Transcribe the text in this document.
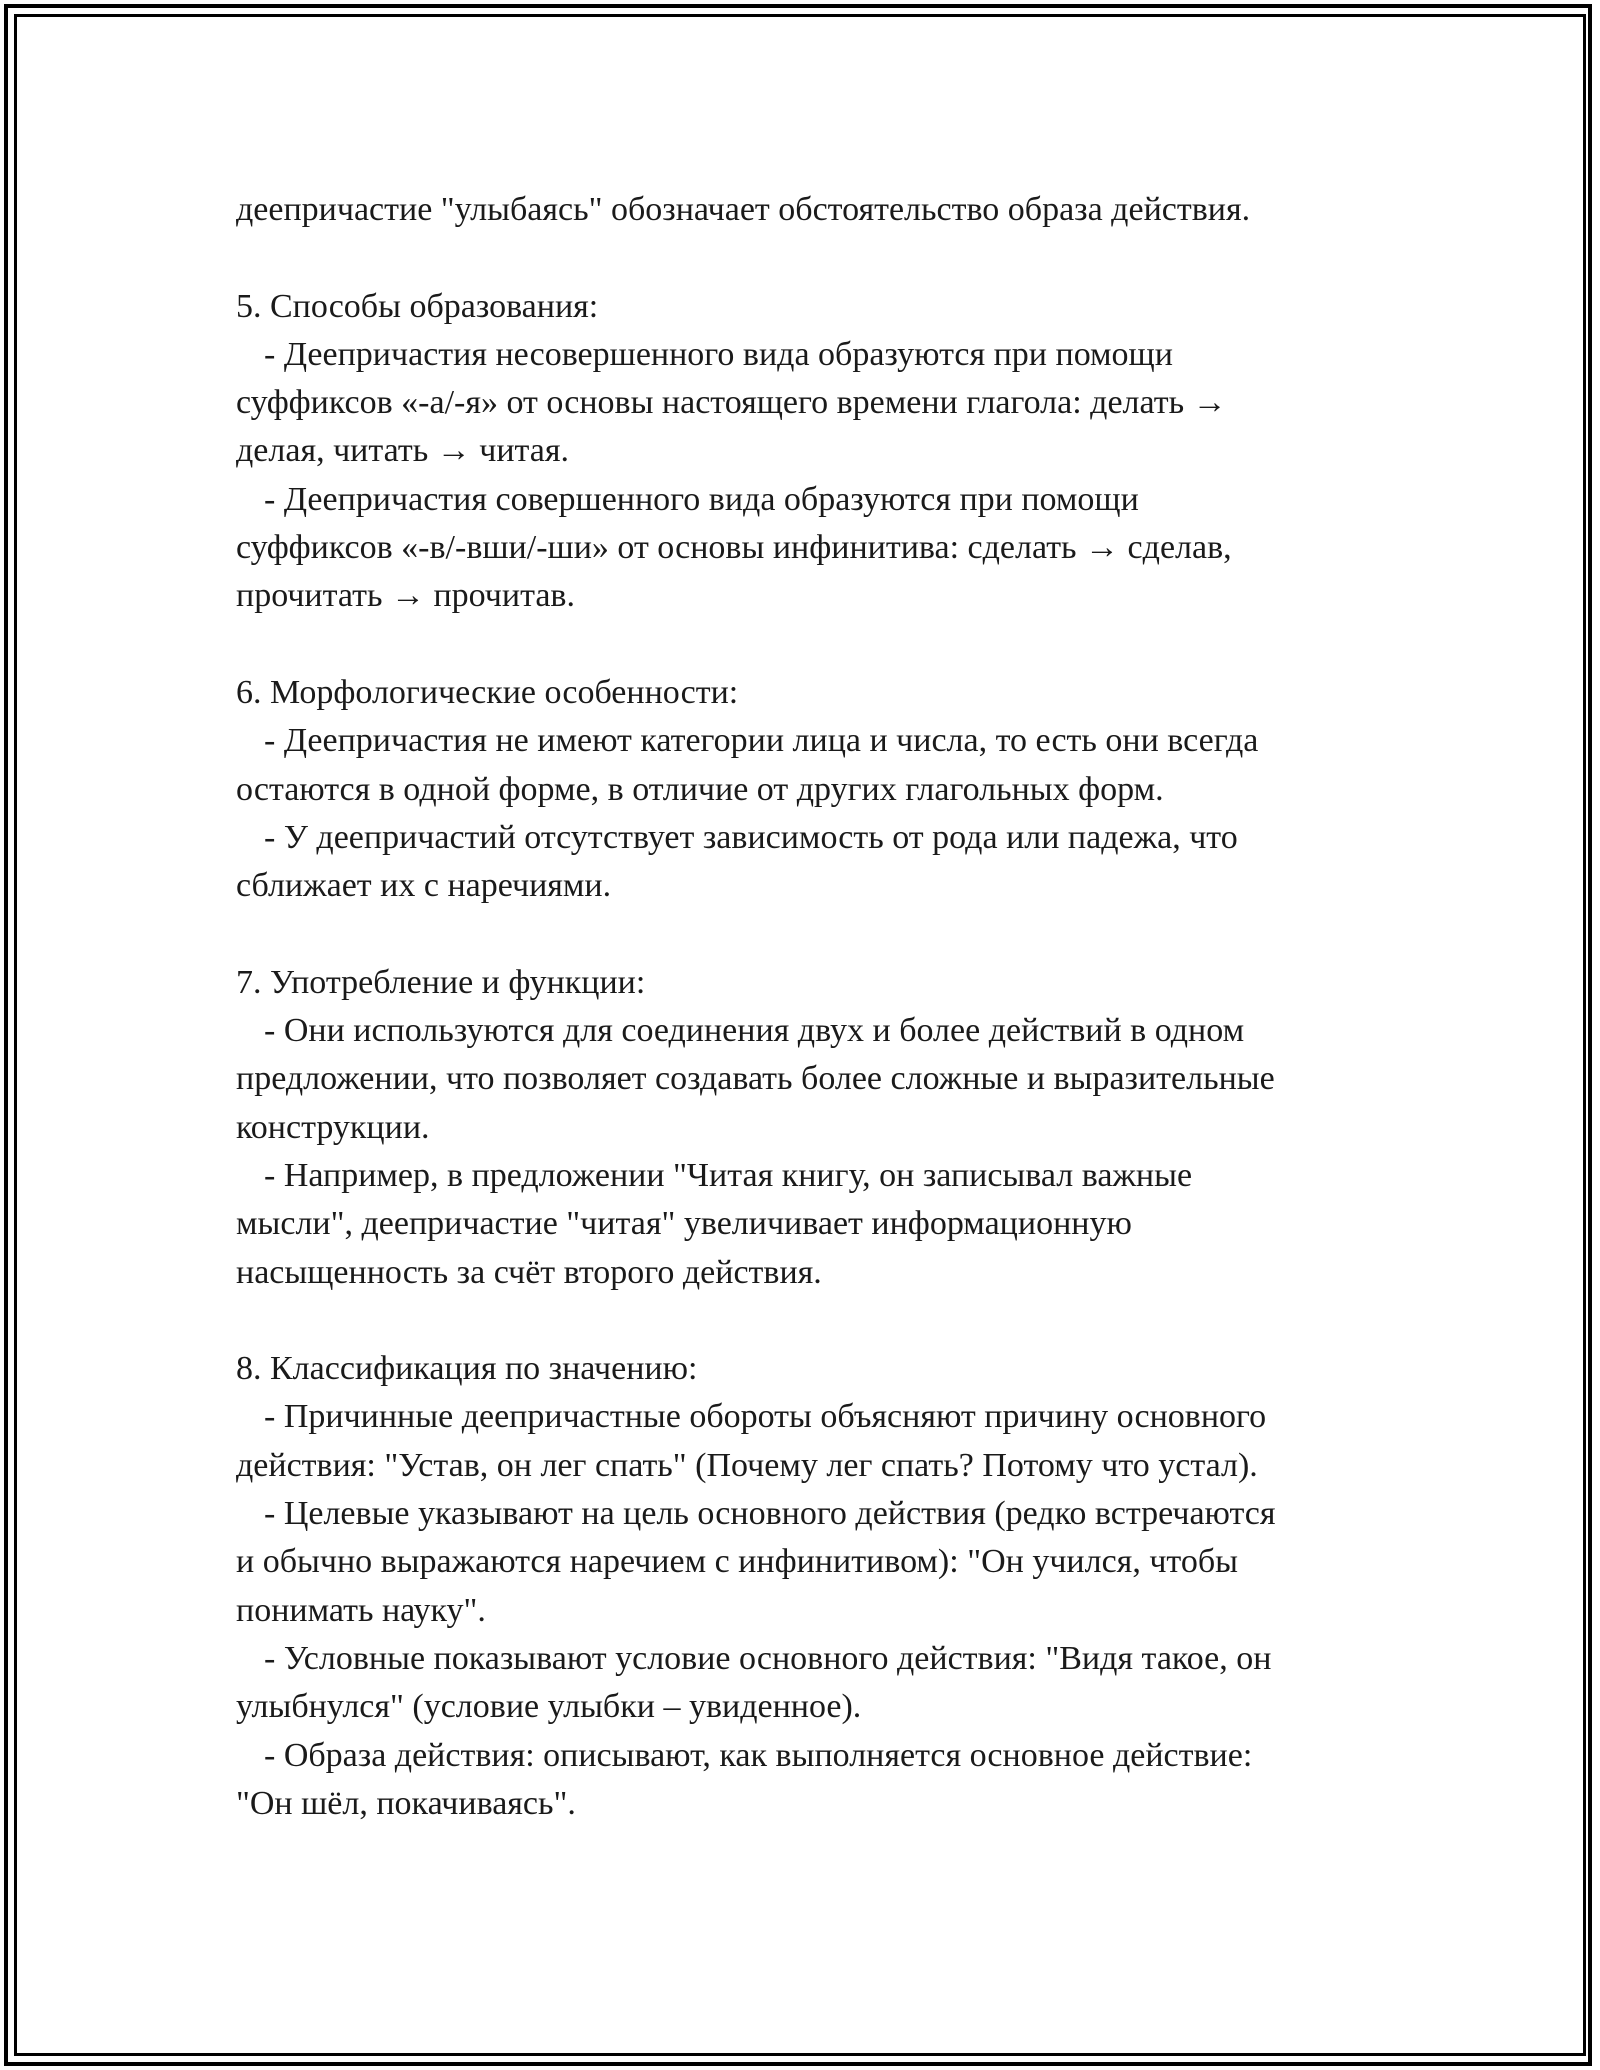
деепричастие "улыбаясь" обозначает обстоятельство образа действия.

5. Способы образования:

- Деепричастия несовершенного вида образуются при помощи

суффиксов «-а/-я» от основы настоящего времени глагола: делать →

делая, читать → читая.

- Деепричастия совершенного вида образуются при помощи

суффиксов «-в/-вши/-ши» от основы инфинитива: сделать → сделав,

прочитать → прочитав.

6. Морфологические особенности:

- Деепричастия не имеют категории лица и числа, то есть они всегда

остаются в одной форме, в отличие от других глагольных форм.

- У деепричастий отсутствует зависимость от рода или падежа, что

сближает их с наречиями.

7. Употребление и функции:

- Они используются для соединения двух и более действий в одном

предложении, что позволяет создавать более сложные и выразительные

конструкции.

- Например, в предложении "Читая книгу, он записывал важные

мысли", деепричастие "читая" увеличивает информационную

насыщенность за счёт второго действия.

8. Классификация по значению:

- Причинные деепричастные обороты объясняют причину основного

действия: "Устав, он лег спать" (Почему лег спать? Потому что устал).

- Целевые указывают на цель основного действия (редко встречаются

и обычно выражаются наречием с инфинитивом): "Он учился, чтобы

понимать науку".

- Условные показывают условие основного действия: "Видя такое, он

улыбнулся" (условие улыбки – увиденное).

- Образа действия: описывают, как выполняется основное действие:

"Он шёл, покачиваясь".
